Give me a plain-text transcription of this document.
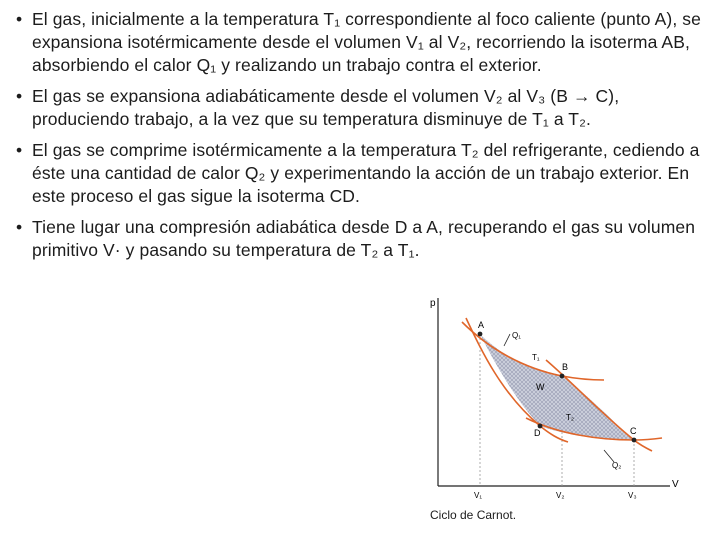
• El gas, inicialmente a la temperatura T₁ correspondiente al foco caliente (punto A), se expansiona isotérmicamente desde el volumen V₁ al V₂, recorriendo la isoterma AB, absorbiendo el calor Q₁ y realizando un trabajo contra el exterior.
• El gas se expansiona adiabáticamente desde el volumen V₂ al V₃ (B → C), produciendo trabajo, a la vez que su temperatura disminuye de T₁ a T₂.
• El gas se comprime isotérmicamente a la temperatura T₂ del refrigerante, cediendo a éste una cantidad de calor Q₂ y experimentando la acción de un trabajo exterior. En este proceso el gas sigue la isoterma CD.
• Tiene lugar una compresión adiabática desde D a A, recuperando el gas su volumen primitivo V· y pasando su temperatura de T₂ a T₁.
p
V
A
B
C
D
Q₁
Q₂
T₁
T₂
W
V₁	V₂	V₃
Ciclo de Carnot.
